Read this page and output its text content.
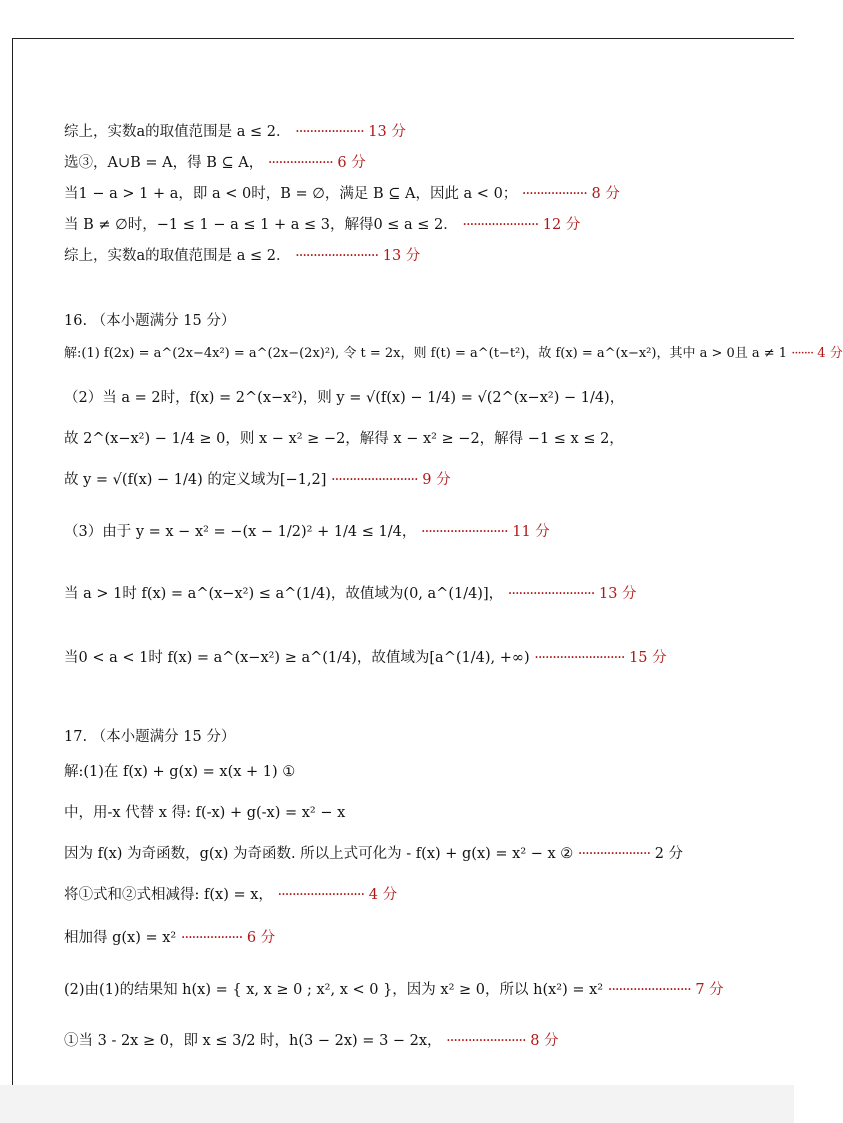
综上，实数a的取值范围是 a ≤ 2． ··················· 13 分
选③，A∪B = A，得 B ⊆ A， ·················· 6 分
当1 − a > 1 + a，即 a < 0时，B = ∅，满足 B ⊆ A，因此 a < 0； ·················· 8 分
当 B ≠ ∅时，−1 ≤ 1 − a ≤ 1 + a ≤ 3，解得0 ≤ a ≤ 2． ····················· 12 分
综上，实数a的取值范围是 a ≤ 2． ······················· 13 分
16. （本小题满分 15 分）
解:(1) f(2x) = a^(2x−4x²) = a^(2x−(2x)²), 令 t = 2x，则 f(t) = a^(t−t²)，故 f(x) = a^(x−x²)，其中 a > 0且 a ≠ 1 ······· 4 分
（2）当 a = 2时，f(x) = 2^(x−x²)，则 y = √(f(x) − 1/4) = √(2^(x−x²) − 1/4)，
故 2^(x−x²) − 1/4 ≥ 0，则 x − x² ≥ −2，解得 x − x² ≥ −2，解得 −1 ≤ x ≤ 2，
故 y = √(f(x) − 1/4) 的定义域为[−1,2] ························ 9 分
（3）由于 y = x − x² = −(x − 1/2)² + 1/4 ≤ 1/4， ························ 11 分
当 a > 1时 f(x) = a^(x−x²) ≤ a^(1/4)，故值域为(0, a^(1/4)]， ························ 13 分
当0 < a < 1时 f(x) = a^(x−x²) ≥ a^(1/4)，故值域为[a^(1/4), +∞) ························· 15 分
17. （本小题满分 15 分）
解:(1)在 f(x) + g(x) = x(x + 1) ①
中，用-x 代替 x 得: f(-x) + g(-x) = x² − x
因为 f(x) 为奇函数，g(x) 为奇函数. 所以上式可化为 - f(x) + g(x) = x² − x ② ···················· 2 分
将①式和②式相减得: f(x) = x， ························ 4 分
相加得 g(x) = x² ················· 6 分
(2)由(1)的结果知 h(x) = { x, x ≥ 0 ; x², x < 0 }，因为 x² ≥ 0，所以 h(x²) = x² ······················· 7 分
①当 3 - 2x ≥ 0，即 x ≤ 3/2 时，h(3 − 2x) = 3 − 2x， ······················ 8 分
